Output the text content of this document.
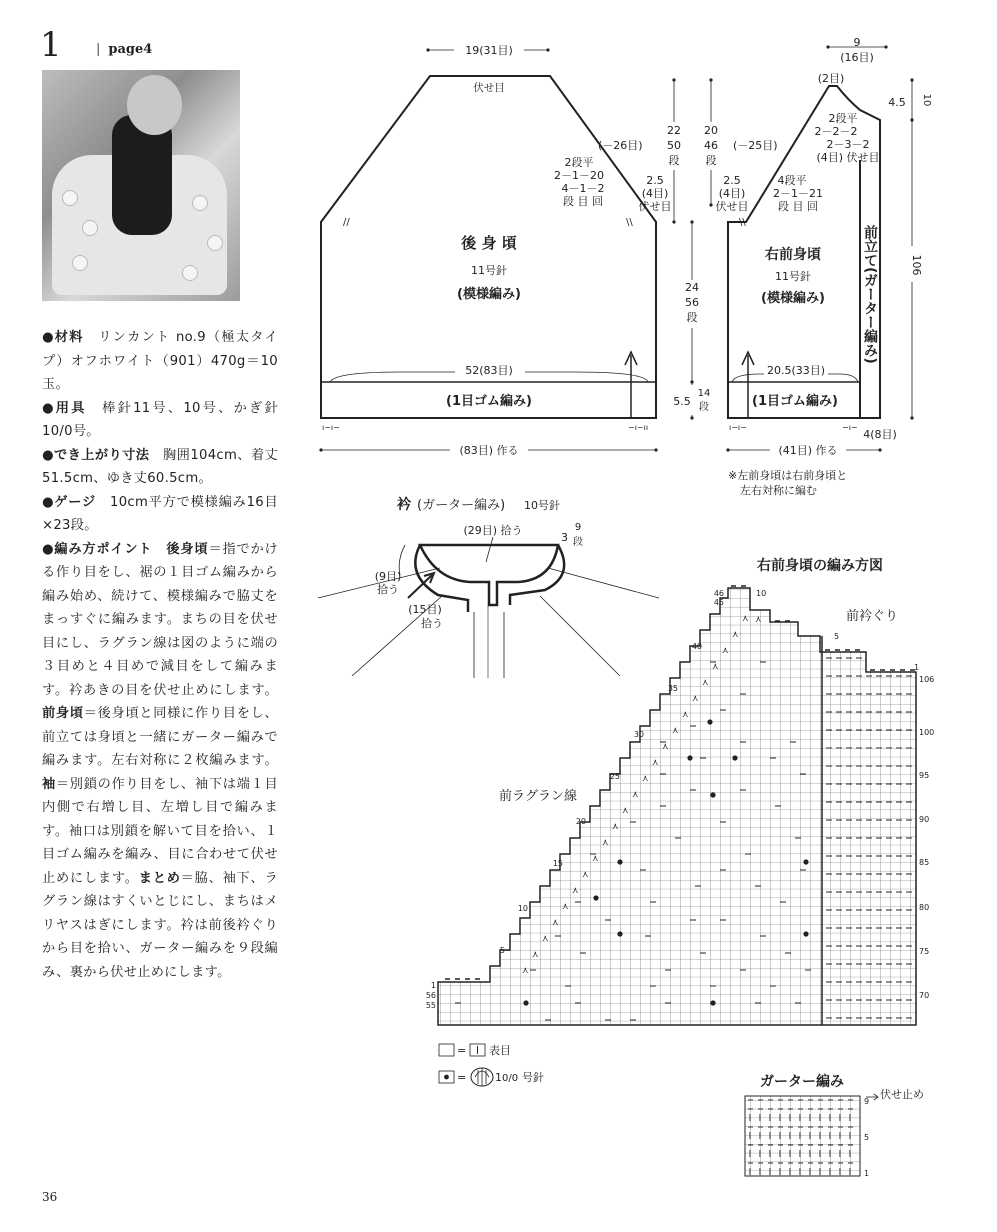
1	| page4

●材料　 リンカント no.9（極太タイプ）オフホワイト（901）470g＝10玉。

●用具　 棒針11号、10号、かぎ針10/0号。

●でき上がり寸法　 胸囲104cm、着丈51.5cm、ゆき丈60.5cm。

●ゲージ　 10cm平方で模様編み16目×23段。

●編み方ポイント　 後身頃＝指でかける作り目をし、裾の１目ゴム編みから編み始め、続けて、模様編みで脇丈をまっすぐに編みます。まちの目を伏せ目にし、ラグラン線は図のように端の３目めと４目めで減目をして編みます。衿あきの目を伏せ止めにします。前身頃＝後身頃と同様に作り目をし、前立ては身頃と一緒にガーター編みで編みます。左右対称に２枚編みます。袖＝別鎖の作り目をし、袖下は端１目内側で右増し目、左増し目で編みます。袖口は別鎖を解いて目を拾い、１目ゴム編みを編み、目に合わせて伏せ止めにします。まとめ＝脇、袖下、ラグラン線はすくいとじにし、まちはメリヤスはぎにします。衿は前後衿ぐりから目を拾い、ガーター編みを９段編み、裏から伏せ止めにします。

36
19(31目)
伏せ目
(－26目)
2段平
2－1－20
4－1－2
段 目 回
2.5
(4目)
伏せ目
//	\\
22
50
段
20
46
段
24
56
段
5.5
14
段
後 身 頃
11号針
(模様編み)
52(83目)
(1目ゴム編み)
ı−ı−	−ı−ıı
(83目) 作る
9
(16目)
(2目)
2段平
2－2－2
2－3－2
(4目) 伏せ目
(－25目)
2.5
(4目)
伏せ目
4段平
2－1－21
段 目 回
\\
4.5 10
106
前立て(ガーター編み)
右前身頃
11号針
(模様編み)
20.5(33目)
(1目ゴム編み)
ı−ı−	−ı−
4(8目)
(41目) 作る
※左前身頃は右前身頃と
左右対称に編む
衿 (ガーター編み) 10号針
(29目) 拾う
3
9
段
(9目)
拾う
(15目)
拾う
右前身頃の編み方図
前衿ぐり
前ラグラン線
⋏
⋏
⋏
⋏
⋏
⋏
⋏
⋏
⋏
⋏
⋏
⋏
⋏
⋏
⋏
⋏
⋏
⋏
⋏
⋏
⋏
⋏
⋏ ⋏
1
56
55
5
10
15
20
25
30
35
40
45
46
106
100
95
90
85
80
75
70
10
5
1
= 表目
=	1 0/0 号針	ガーター編み
9
5
1
伏せ止め
